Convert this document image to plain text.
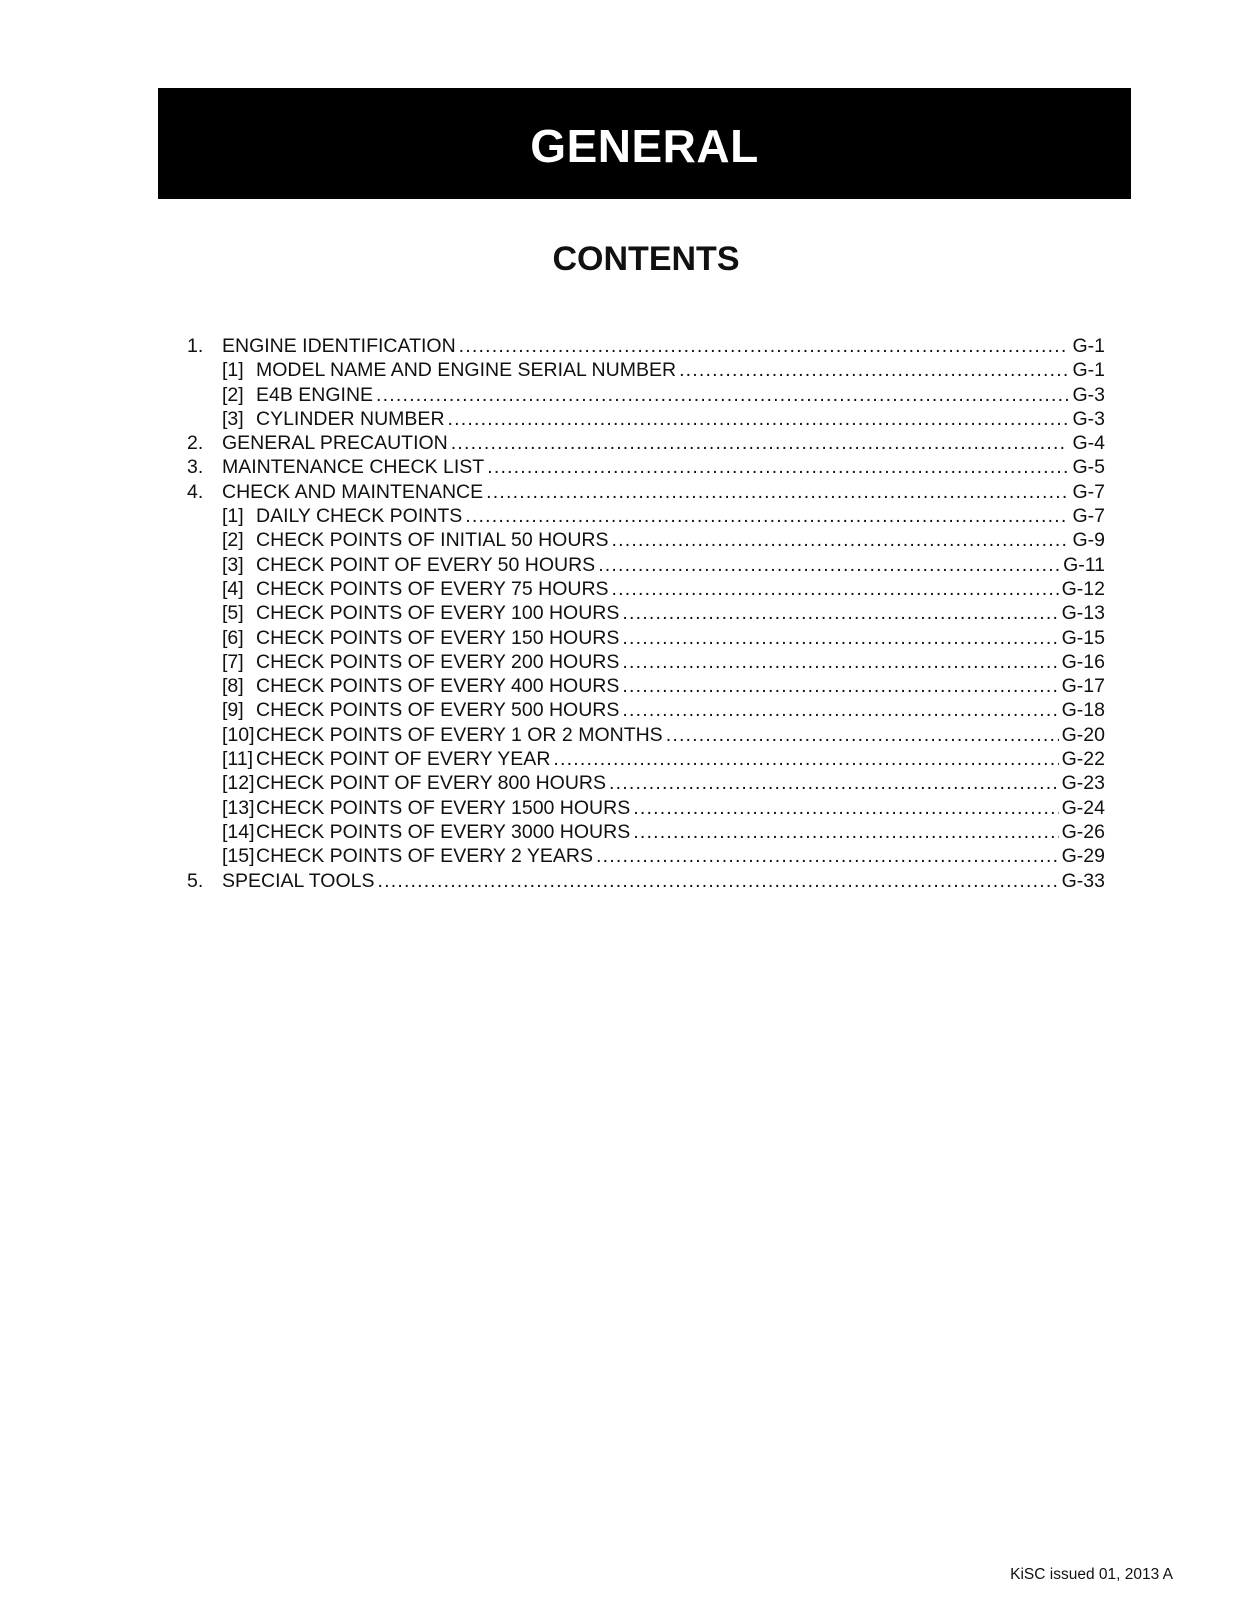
GENERAL
CONTENTS
1. ENGINE IDENTIFICATION .....	G-1
[1] MODEL NAME AND ENGINE SERIAL NUMBER .....	G-1
[2] E4B ENGINE .....	G-3
[3] CYLINDER NUMBER .....	G-3
2. GENERAL PRECAUTION .....	G-4
3. MAINTENANCE CHECK LIST .....	G-5
4. CHECK AND MAINTENANCE .....	G-7
[1] DAILY CHECK POINTS .....	G-7
[2] CHECK POINTS OF INITIAL 50 HOURS .....	G-9
[3] CHECK POINT OF EVERY 50 HOURS .....	G-11
[4] CHECK POINTS OF EVERY 75 HOURS .....	G-12
[5] CHECK POINTS OF EVERY 100 HOURS .....	G-13
[6] CHECK POINTS OF EVERY 150 HOURS .....	G-15
[7] CHECK POINTS OF EVERY 200 HOURS .....	G-16
[8] CHECK POINTS OF EVERY 400 HOURS .....	G-17
[9] CHECK POINTS OF EVERY 500 HOURS .....	G-18
[10] CHECK POINTS OF EVERY 1 OR 2 MONTHS .....	G-20
[11] CHECK POINT OF EVERY YEAR .....	G-22
[12] CHECK POINT OF EVERY 800 HOURS .....	G-23
[13] CHECK POINTS OF EVERY 1500 HOURS .....	G-24
[14] CHECK POINTS OF EVERY 3000 HOURS .....	G-26
[15] CHECK POINTS OF EVERY 2 YEARS .....	G-29
5. SPECIAL TOOLS .....	G-33
KiSC issued 01, 2013 A
